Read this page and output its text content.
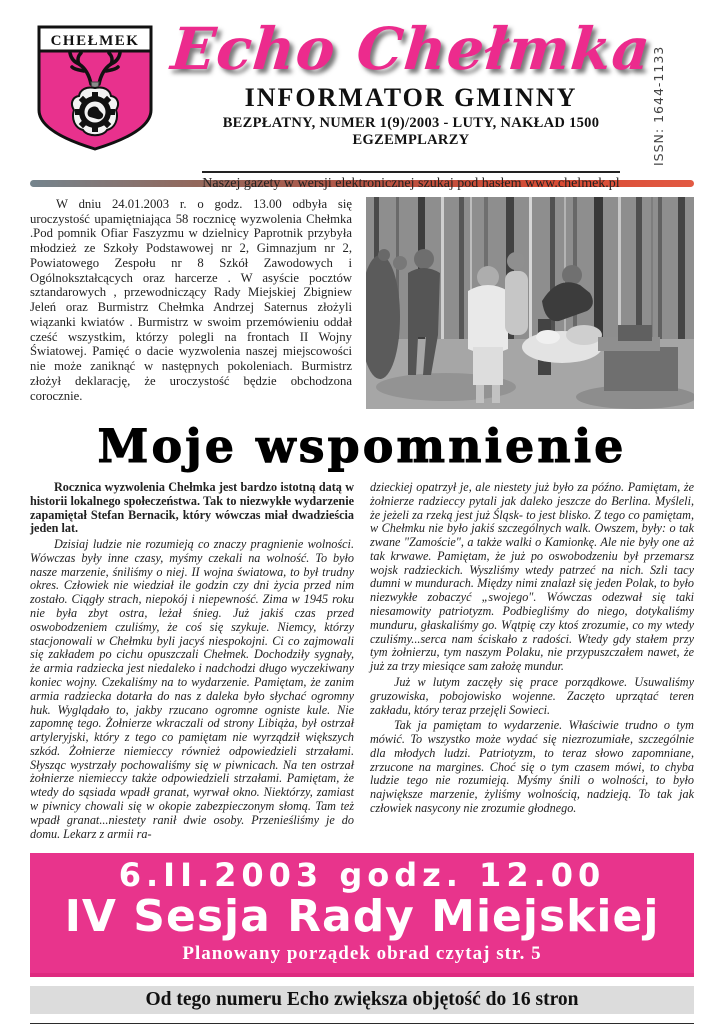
CHEŁMEK Echo Chełmka
INFORMATOR GMINNY
BEZPŁATNY, NUMER 1(9)/2003 - LUTY, NAKŁAD 1500 EGZEMPLARZY

Naszej gazety w wersji elektronicznej szukaj pod hasłem www.chelmek.pl
ISSN: 1644-1133

W dniu 24.01.2003 r. o godz. 13.00 odbyła się uroczystość upamiętniająca 58 rocznicę wyzwolenia Chełmka .Pod pomnik Ofiar Faszyzmu w dzielnicy Paprotnik przybyła młodzież ze Szkoły Podstawowej nr 2, Gimnazjum nr 2, Powiatowego Zespołu nr 8 Szkół Zawodowych i Ogólnokształcących oraz harcerze . W asyście pocztów sztandarowych , przewodniczący Rady Miejskiej Zbigniew Jeleń oraz Burmistrz Chełmka Andrzej Saternus złożyli wiązanki kwiatów . Burmistrz w swoim przemówieniu oddał cześć wszystkim, którzy polegli na frontach II Wojny Światowej. Pamięć o dacie wyzwolenia naszej miejscowości nie może zaniknąć w następnych pokoleniach. Burmistrz złożył deklarację, że uroczystość będzie obchodzona corocznie.

Moje wspomnienie

Rocznica wyzwolenia Chełmka jest bardzo istotną datą w historii lokalnego społeczeństwa. Tak to niezwykłe wydarzenie zapamiętał Stefan Bernacik, który wówczas miał dwadzieścia jeden lat.

Dzisiaj ludzie nie rozumieją co znaczy pragnienie wolności. Wówczas były inne czasy, myśmy czekali na wolność. To było nasze marzenie, śniliśmy o niej. II wojna światowa, to był trudny okres. Człowiek nie wiedział ile godzin czy dni życia przed nim zostało. Ciągły strach, niepokój i niepewność. Zima w 1945 roku nie była zbyt ostra, leżał śnieg. Już jakiś czas przed oswobodzeniem czuliśmy, że coś się szykuje. Niemcy, którzy stacjonowali w Chełmku byli jacyś niespokojni. Ci co zajmowali się zakładem po cichu opuszczali Chełmek. Dochodziły sygnały, że armia radziecka jest niedaleko i nadchodzi długo wyczekiwany koniec wojny. Czekaliśmy na to wydarzenie. Pamiętam, że zanim armia radziecka dotarła do nas z daleka było słychać ogromny huk. Wyglądało to, jakby rzucano ogromne ogniste kule. Nie zapomnę tego. Żołnierze wkraczali od strony Libiąża, był ostrzał artyleryjski, który z tego co pamiętam nie wyrządził większych szkód. Żołnierze niemieccy również odpowiedzieli strzałami. Słysząc wystrzały pochowaliśmy się w piwnicach. Na ten ostrzał żołnierze niemieccy także odpowiedzieli strzałami. Pamiętam, że wtedy do sąsiada wpadł granat, wyrwał okno. Niektórzy, zamiast w piwnicy chowali się w okopie zabezpieczonym słomą. Tam też wpadł granat...niestety ranił dwie osoby. Przenieśliśmy je do domu. Lekarz z armii ra-

dzieckiej opatrzył je, ale niestety już było za późno. Pamiętam, że żołnierze radzieccy pytali jak daleko jeszcze do Berlina. Myśleli, że jeżeli za rzeką jest już Śląsk- to jest blisko. Z tego co pamiętam, w Chełmku nie było jakiś szczególnych walk. Owszem, były: o tak zwane "Zamoście", a także walki o Kamionkę. Ale nie były one aż tak krwawe. Pamiętam, że już po oswobodzeniu był przemarsz wojsk radzieckich. Wyszliśmy wtedy patrzeć na nich. Szli tacy dumni w mundurach. Między nimi znalazł się jeden Polak, to było niezwykłe zobaczyć „swojego". Wówczas odezwał się taki niesamowity patriotyzm. Podbiegliśmy do niego, dotykaliśmy munduru, głaskaliśmy go. Wątpię czy ktoś zrozumie, co my wtedy czuliśmy...serca nam ściskało z radości. Wtedy gdy stałem przy tym żołnierzu, tym naszym Polaku, nie przypuszczałem nawet, że już za trzy miesiące sam założę mundur.

Już w lutym zaczęły się prace porządkowe. Usuwaliśmy gruzowiska, pobojowisko wojenne. Zaczęto uprzątać teren zakładu, który teraz przejęli Sowieci.

Tak ja pamiętam to wydarzenie. Właściwie trudno o tym mówić. To wszystko może wydać się niezrozumiałe, szczególnie dla młodych ludzi. Patriotyzm, to teraz słowo zapomniane, zrzucone na margines. Choć się o tym czasem mówi, to chyba ludzie tego nie rozumieją. Myśmy śnili o wolności, to było największe marzenie, żyliśmy wolnością, nadzieją. To tak jak człowiek nasycony nie zrozumie głodnego.

6.II.2003 godz. 12.00
IV Sesja Rady Miejskiej
Planowany porządek obrad czytaj str. 5
Od tego numeru Echo zwiększa objętość do 16 stron
